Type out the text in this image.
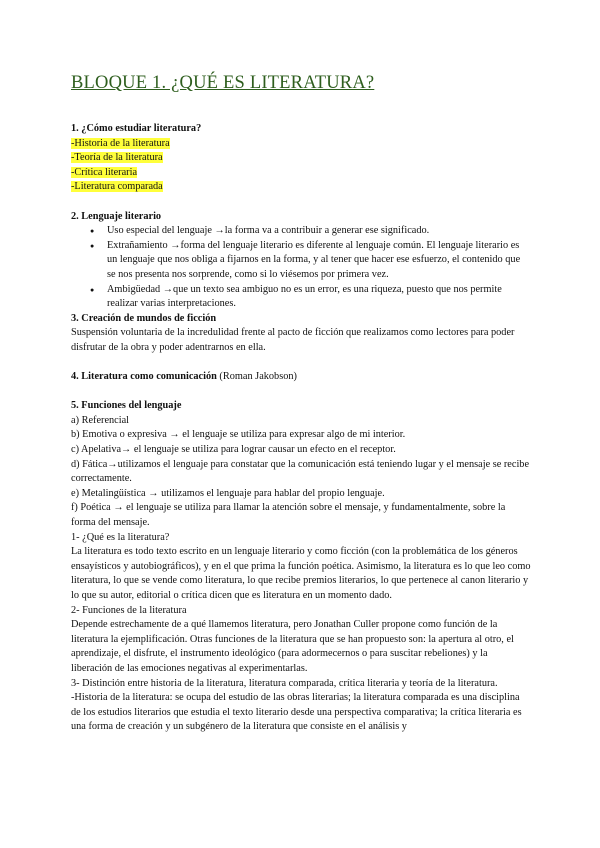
BLOQUE 1. ¿QUÉ ES LITERATURA?

1. ¿Cómo estudiar literatura?

-Historia de la literatura

-Teoría de la literatura

-Crítica literaria

-Literatura comparada

2. Lenguaje literario

● Uso especial del lenguaje →la forma va a contribuir a generar ese significado.
● Extrañamiento →forma del lenguaje literario es diferente al lenguaje común. El lenguaje literario es un lenguaje que nos obliga a fijarnos en la forma, y al tener que hacer ese esfuerzo, el contenido que se nos presenta nos sorprende, como si lo viésemos por primera vez.
● Ambigüedad →que un texto sea ambiguo no es un error, es una riqueza, puesto que nos permite realizar varias interpretaciones.

3. Creación de mundos de ficción

Suspensión voluntaria de la incredulidad frente al pacto de ficción que realizamos como lectores para poder disfrutar de la obra y poder adentrarnos en ella.

4. Literatura como comunicación (Roman Jakobson)

5. Funciones del lenguaje

a) Referencial

b) Emotiva o expresiva → el lenguaje se utiliza para expresar algo de mi interior.

c) Apelativa→ el lenguaje se utiliza para lograr causar un efecto en el receptor.

d) Fática→utilizamos el lenguaje para constatar que la comunicación está teniendo lugar y el mensaje se recibe correctamente.

e) Metalingüística → utilizamos el lenguaje para hablar del propio lenguaje.

f) Poética → el lenguaje se utiliza para llamar la atención sobre el mensaje, y fundamentalmente, sobre la forma del mensaje.

1- ¿Qué es la literatura?

La literatura es todo texto escrito en un lenguaje literario y como ficción (con la problemática de los géneros ensayísticos y autobiográficos), y en el que prima la función poética. Asimismo, la literatura es lo que leo como literatura, lo que se vende como literatura, lo que recibe premios literarios, lo que pertenece al canon literario y lo que su autor, editorial o crítica dicen que es literatura en un momento dado.

2- Funciones de la literatura

Depende estrechamente de a qué llamemos literatura, pero Jonathan Culler propone como función de la literatura la ejemplificación. Otras funciones de la literatura que se han propuesto son: la apertura al otro, el aprendizaje, el disfrute, el instrumento ideológico (para adormecernos o para suscitar rebeliones) y la liberación de las emociones negativas al experimentarlas.

3- Distinción entre historia de la literatura, literatura comparada, crítica literaria y teoría de la literatura.

-Historia de la literatura: se ocupa del estudio de las obras literarias; la literatura comparada es una disciplina de los estudios literarios que estudia el texto literario desde una perspectiva comparativa; la crítica literaria es una forma de creación y un subgénero de la literatura que consiste en el análisis y
